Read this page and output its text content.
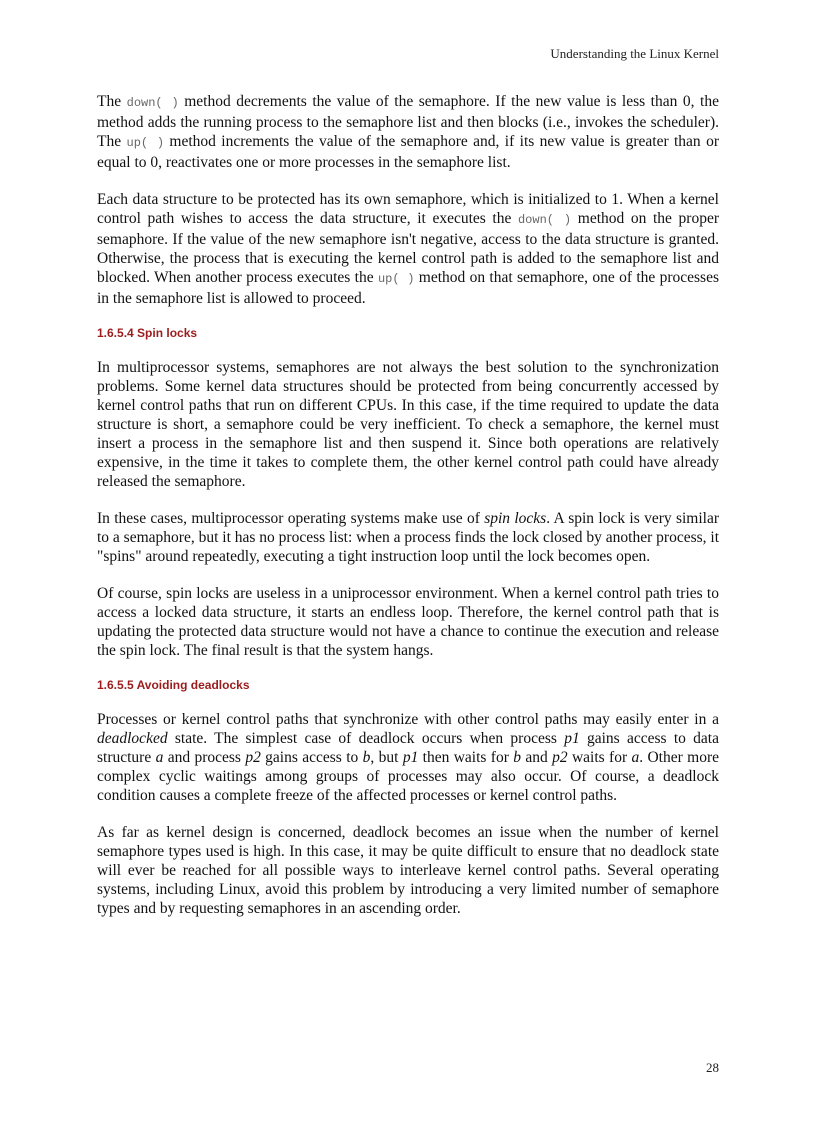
Understanding the Linux Kernel

The down( ) method decrements the value of the semaphore. If the new value is less than 0, the method adds the running process to the semaphore list and then blocks (i.e., invokes the scheduler). The up( ) method increments the value of the semaphore and, if its new value is greater than or equal to 0, reactivates one or more processes in the semaphore list.

Each data structure to be protected has its own semaphore, which is initialized to 1. When a kernel control path wishes to access the data structure, it executes the down( ) method on the proper semaphore. If the value of the new semaphore isn't negative, access to the data structure is granted. Otherwise, the process that is executing the kernel control path is added to the semaphore list and blocked. When another process executes the up( ) method on that semaphore, one of the processes in the semaphore list is allowed to proceed.

1.6.5.4 Spin locks

In multiprocessor systems, semaphores are not always the best solution to the synchronization problems. Some kernel data structures should be protected from being concurrently accessed by kernel control paths that run on different CPUs. In this case, if the time required to update the data structure is short, a semaphore could be very inefficient. To check a semaphore, the kernel must insert a process in the semaphore list and then suspend it. Since both operations are relatively expensive, in the time it takes to complete them, the other kernel control path could have already released the semaphore.

In these cases, multiprocessor operating systems make use of spin locks. A spin lock is very similar to a semaphore, but it has no process list: when a process finds the lock closed by another process, it "spins" around repeatedly, executing a tight instruction loop until the lock becomes open.

Of course, spin locks are useless in a uniprocessor environment. When a kernel control path tries to access a locked data structure, it starts an endless loop. Therefore, the kernel control path that is updating the protected data structure would not have a chance to continue the execution and release the spin lock. The final result is that the system hangs.

1.6.5.5 Avoiding deadlocks

Processes or kernel control paths that synchronize with other control paths may easily enter in a deadlocked state. The simplest case of deadlock occurs when process p1 gains access to data structure a and process p2 gains access to b, but p1 then waits for b and p2 waits for a. Other more complex cyclic waitings among groups of processes may also occur. Of course, a deadlock condition causes a complete freeze of the affected processes or kernel control paths.

As far as kernel design is concerned, deadlock becomes an issue when the number of kernel semaphore types used is high. In this case, it may be quite difficult to ensure that no deadlock state will ever be reached for all possible ways to interleave kernel control paths. Several operating systems, including Linux, avoid this problem by introducing a very limited number of semaphore types and by requesting semaphores in an ascending order.

28
